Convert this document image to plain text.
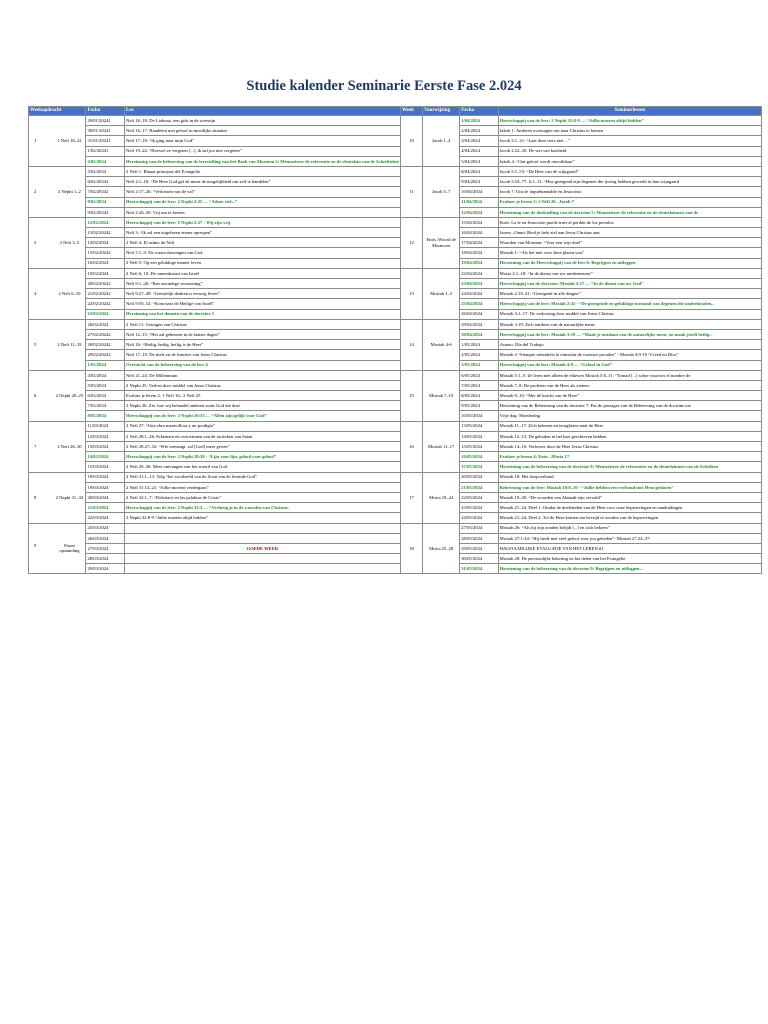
Studie kalender Seminarie Eerste Fase 2.024
Weekopdracht	Fecha	Les	Week	Voorwijzing	Fecha	Seminarlessen

1 1 Nefi 16–22	29/01/20241	Nefi 16–18: De Liahona, een gids in de woestijn	10	Jacob 1–4	1/04/2024	Heerschappij van de leer: 2 Nephi 32:8-9 — “Jullie moeten altijd bidden”
	30/01/20241	Nefi 16–17: Handelen met geloof in moeilijke situaties			2/04/2024	Jakob 1: Anderen overtuigen om naar Christus te komen
	31/01/20241	Nefi 17–18: “Ik ging naar mijn God”			3/04/2024	Jacob 2:1–21: “Laat deze trots niet ...”
	1/02/20241	Nefi 19–22: “Hoewel ze vergeten [...], ik zal jou niet vergeten”			4/04/2024	Jacob 2:22–35: De wet van kuisheid
	2/02/2024	Herziening van de beheersing van de leerstelling van het Boek van Mormon 2: Memoriseer de referentie en de sleutelzin van de Schrifttekst			5/04/2024	Jakob 4: “Ons geloof wordt onwrikbaar”

2 2 Nephi 1–2	5/02/2024	2 Nefi 1: Blaaar principus del Evangelio	11	Jacob 5–7	8/04/2024	Jacob 5:1–53: “De Heer van de wijngaard”
	6/02/20242	Nefi 2:1–16: “De Heer God gaf de mens de mogelijkheid om zelf te handelen”			9/04/2024	Jacob 5:54–77; 6:1–13: “Hoe gezegend zijn degenen die ijverig hebben gewerkt in hun wijngaard
	7/02/20242	Nefi 2:17–26: “Verlossen van de val”			10/04/2024	Jacob 7: Una fe inquebrantable en Jesucristo
	8/02/2024	Heerschappij van de leer: 2 Nephi 2:25 — “Adam viel...”			11/04/2024	Evaluer je lerem 3: 2 Nefi 26 –Jacob 7
	9/02/20242	Nefi 2:26–30: Vrij om te kiezen			12/04/2024	Herziening van de doelstelling van de doctrine 5: Memoriseer de referentie en de sleutelzinnen van de

3 2 Nefi 3–5	12/02/2024	Heerschappij van de leer: 2 Nephi 2:27 - Wij zijn vrij.	12	Enós–Woord de Mormoon	15/04/2024	Enós: La fe en Jesucristo puede traer el perdón de los pecados
	13/02/20242	Nefi 3: “Ik zal een uitgelezen ziener oprespen”			16/04/2024	Jarom –Omni: Bied je hele ziel aan Jezus Christus aan
	14/02/2024	2 Nefi 4: El salmo de Nefi			17/04/2024	Woorden van Mormon: “Voor een wijs doel”
	15/02/20242	Nefi 5:1–9: De waarschuwingen van God			18/04/2024	Mosiah 1: “Als het niet voor deze platen was”
	16/02/2024	2 Nefi 5: Op een gelukkige manier leven			19/04/2024	Herziening van de Heerschappij van de leer 6: Begrijpen en uitleggen

4 2 Nefi 6–10	19/02/2024	2 Nefi 6; 10: De samenkomst van Israël	13	Mosiah 1–3	22/04/2024	Mosia 2:1–18: “In de dienst van uw medemensen”
	20/02/20242	Nefi 9:1–26: “Een oneindige verzoening”			23/04/2024	Heerschappij van de doctrine: Mosiah 2:17 — “In de dienst van uw God”
	21/02/20242	Nefi 9:27–49: “Geestelijk denken is eeuwig leven”			24/04/2024	Mosiah 2:19–41: “Gezegend in alle dingen”
	22/02/20242	Nefi 9:50–52: “Kom naar de Heilige van Israël”			25/04/2024	Heerschappij van de leer: Mosiah 2:41 - “De gezegende en gelukkige toestand van degenen die onderhouden...
	23/02/2024	Herziening van het domein van de doctrine 3			26/04/2024	Mosiah 3:1–17: De verlossing door middel van Jezus Christus

5 2 Nefi 11–19	26/02/2024	2 Nefi 11: Getuigen van Christus	14	Mosiah 4-6	29/04/2024	Mosiah 3:19: Zich ontdoen van de natuurlijke mens
	27/02/20242	Nefi 12–15: “Het zal gebeuren in de laatste dagen”			30/04/2024	Heerschappij van de leer: Mosiah 3:19 — “Maak je ontdaan van de natuurlijke mens, en maak jezelf heilig...
	28/02/20242	Nefi 16: “Heilig, heilig, heilig is de Heer”			1/05/2024	Asueto: Día del Trabajo
	29/02/20242	Nefi 17–19: De titels en de functies van Jezus Christus			2/05/2024	Mosiah 4 “Siempre retendréis la remisión de vuestros pecados” - Mosíah 4:9-10 “Creed en Dios”
	1/03/2024	Overzicht van de beheersing van de leer 4			3/05/2024	Heerschappij van de leer: Mosiah 4:9 — “Geloof in God”

6 2 Nephi 20–25	4/03/2024	Nefi 21–24: De Millennium	15	Mosiah 7–10	6/05/2024	Mosiah 5:1–5: Ze leren niet alleen de elitewet Mosiah 5:6–11: “Tomad [...] sobre vosotros el nombre de
	5/03/2024	2 Nephi 25: Verlost door middel van Jezus Christus			7/05/2024	Mosiah 7–8: De profeten van de Heer als zieners
	6/03/2024	Evaluer je lerem 2: 1 Nefi 16– 2 Nefi 25			8/05/2024	Mosiah 9–10: “Met de kracht van de Heer”
	7/03/2024	2 Nephi 26: Zie, hoe wij behandel anderen zoals God dat doet			9/05/2024	Herziening van de Beheersing van de doctrine 7: Pas de passages van de Beheersing van de doctrine toe
	8/03/2024	Heerschappij van de leer: 2 Nephi 26:33 — “Allen zijn gelijk voor God”			10/05/2024	Vrije dag: Moederdag

7 2 Nefi 26–30	11/03/2024	2 Nefi 27: “Una obra maravillosa y un prodigio”	16	Mosiah 11–17	13/05/2024	Mosiah 11–17: Zich bekeren en terugkeren naar de Heer
	12/03/2024	2 Nefi 28:1–26: Erkennen en overwinnen van de tactieken van Satan			14/05/2024	Mosiah 12–13: De geboden in het hart geschreven hebben
	13/03/2024	2 Nefi 28:27–32: “Wie ontvangt, zal [God] meer geven”			15/05/2024	Mosiah 14–16: Verlosser door de Heer Jezus Christus
	14/03/2024	Heerschappij van de leer: 2 Nephi 28:30 - “Lijn voor lijn, gebod voor gebod”			16/05/2024	Evaluer je lerem 4: Enós –Mosia 17
	15/03/2024	2 Nefi 29–30: Meer ontvangen van het woord van God			17/05/2024	Herziening van de beheersing van de doctrine 8: Memoriseer de referenties en de sleutelzinnen van de Schriften

8 2 Naphi 31–33	18/03/2024	2 Nefi 31:1–13: Volg “het voorbeeld van de Zoon van de levende God”	17	Mosia 18–24	20/05/2024	Mosiah 18: Het doopverbond
	19/03/2024	2 Nefi 31:14–21: “Jullie moeten verdergaan”			21/05/2024	Beheersing van de leer: Mosiah 18:8–10 - “Jullie hebben een verbond met Hem gesloten”
	20/03/2024	2 Nefi 32:1–7: “Deleitaos en las palabras de Cristo”			22/05/2024	Mosiah 19–20: “De woorden van Abinadi zijn vervuld”
	21/03/2024	Heerschappij van de leer: 2 Nephi 32:3 — “Verheug je in de woorden van Christus.			23/05/2024	Mosiah 21–24, Deel 1: Omdat de doeleinden van de Heer voor onze beproevingen en aanduidingen
	22/03/2024	2 Nephi 32:8-9 “Jullie moeten altijd bidden”			24/05/2024	Mosiah 21–24, Deel 2: Tot de Heer komen om bevrijd te worden van de beproevingen

9 Pasen opstanding	25/03/2024		18	Mosia 25–28	27/05/2024	Mosiah 26: “Als hij zijn zonden belijdt [...] en zich bekeert”
	26/03/2024				28/05/2024	Mosiah 27:1-24: “Hij heeft met veel geloof voor jou gebeden”- Mosiah 27:24–37:
	27/03/2024	GOEDE WEEK			29/05/2024	HALFJAARLIJKE EVALUATIE VAN HET LEREN #1
	28/03/2024				30/05/2024	Mosiah 28: De persoonlijke bekering en het delen van het Evangelie
	29/03/2024				31/05/2024	Herziening van de beheersing van de doctrine 9: Begrijpen en uitleggen...
